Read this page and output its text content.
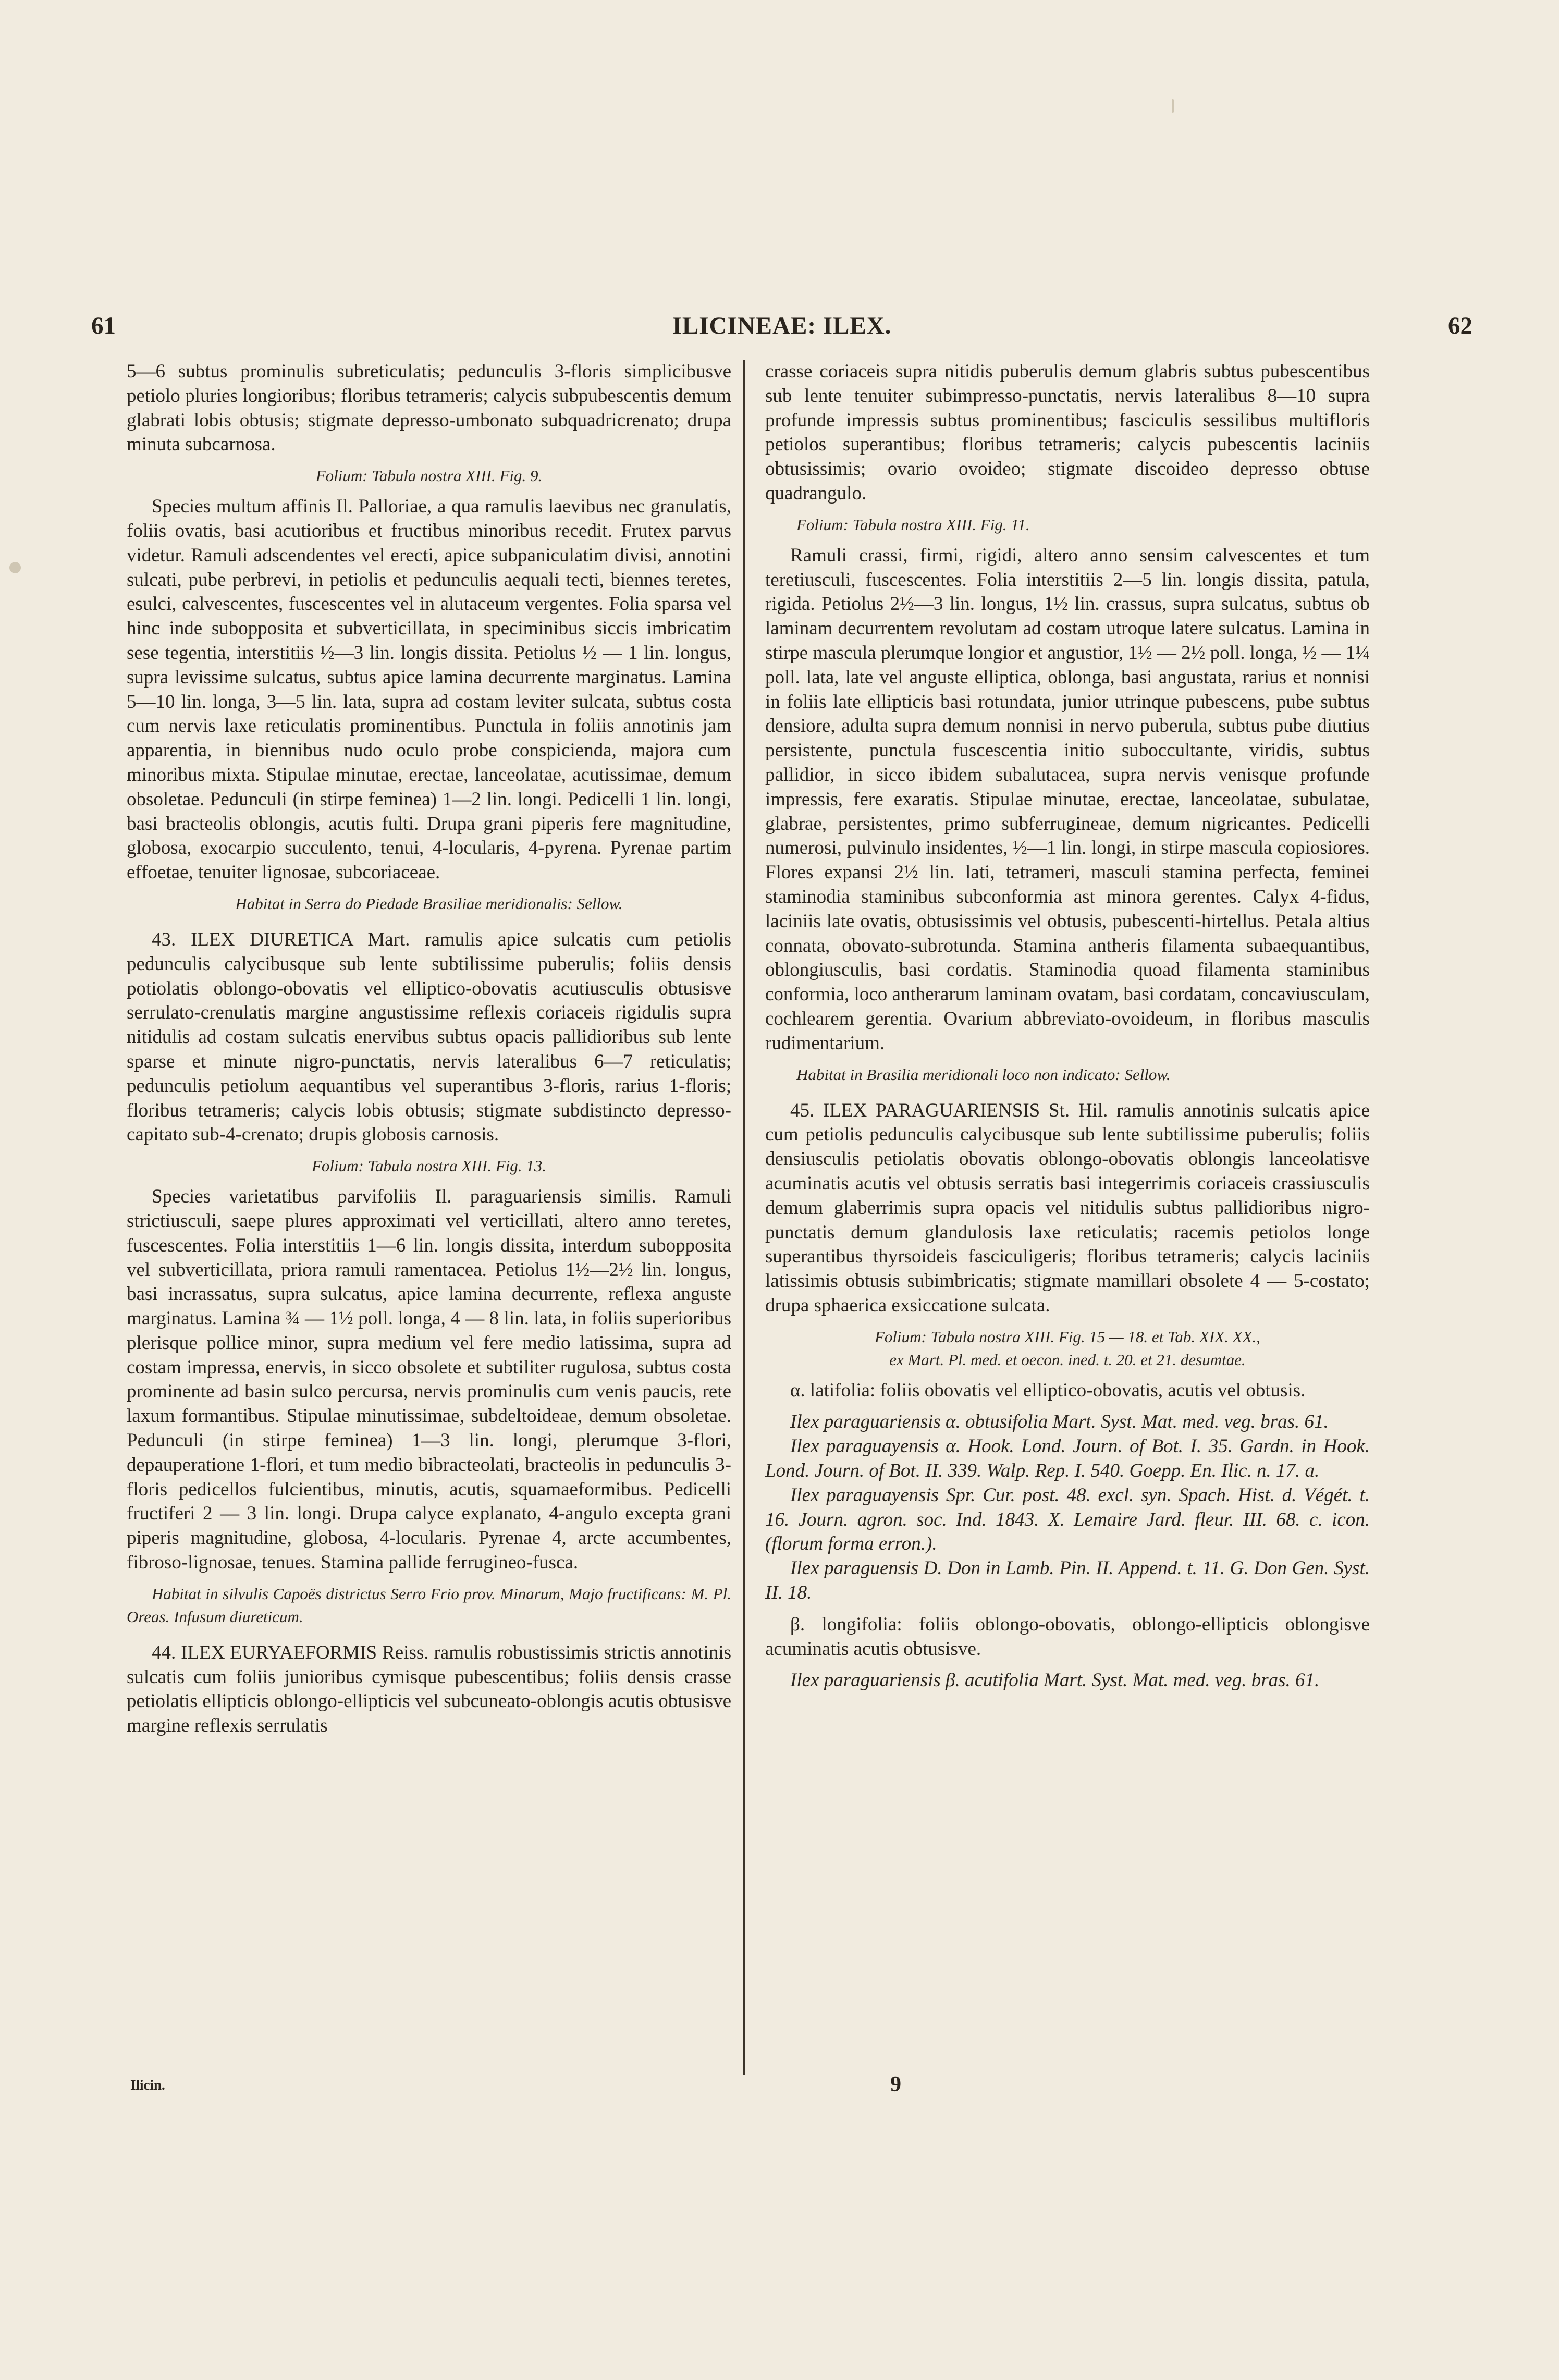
61	ILICINEAE: ILEX.	62

5—6 subtus prominulis subreticulatis; pedunculis 3-floris simplicibusve petiolo pluries longioribus; floribus tetrameris; calycis subpubescentis demum glabrati lobis obtusis; stigmate depresso-umbonato subquadricrenato; drupa minuta subcarnosa.

Folium: Tabula nostra XIII. Fig. 9.

Species multum affinis Il. Palloriae, a qua ramulis laevibus nec granulatis, foliis ovatis, basi acutioribus et fructibus minoribus recedit. Frutex parvus videtur. Ramuli adscendentes vel erecti, apice subpaniculatim divisi, annotini sulcati, pube perbrevi, in petiolis et pedunculis aequali tecti, biennes teretes, esulci, calvescentes, fuscescentes vel in alutaceum vergentes. Folia sparsa vel hinc inde subopposita et subverticillata, in speciminibus siccis imbricatim sese tegentia, interstitiis ½—3 lin. longis dissita. Petiolus ½ — 1 lin. longus, supra levissime sulcatus, subtus apice lamina decurrente marginatus. Lamina 5—10 lin. longa, 3—5 lin. lata, supra ad costam leviter sulcata, subtus costa cum nervis laxe reticulatis prominentibus. Punctula in foliis annotinis jam apparentia, in biennibus nudo oculo probe conspicienda, majora cum minoribus mixta. Stipulae minutae, erectae, lanceolatae, acutissimae, demum obsoletae. Pedunculi (in stirpe feminea) 1—2 lin. longi. Pedicelli 1 lin. longi, basi bracteolis oblongis, acutis fulti. Drupa grani piperis fere magnitudine, globosa, exocarpio succulento, tenui, 4-locularis, 4-pyrena. Pyrenae partim effoetae, tenuiter lignosae, subcoriaceae.

Habitat in Serra do Piedade Brasiliae meridionalis: Sellow.

43. ILEX DIURETICA Mart. ramulis apice sulcatis cum petiolis pedunculis calycibusque sub lente subtilissime puberulis; foliis densis potiolatis oblongo-obovatis vel elliptico-obovatis acutiusculis obtusisve serrulato-crenulatis margine angustissime reflexis coriaceis rigidulis supra nitidulis ad costam sulcatis enervibus subtus opacis pallidioribus sub lente sparse et minute nigro-punctatis, nervis lateralibus 6—7 reticulatis; pedunculis petiolum aequantibus vel superantibus 3-floris, rarius 1-floris; floribus tetrameris; calycis lobis obtusis; stigmate subdistincto depresso-capitato sub-4-crenato; drupis globosis carnosis.

Folium: Tabula nostra XIII. Fig. 13.

Species varietatibus parvifoliis Il. paraguariensis similis. Ramuli strictiusculi, saepe plures approximati vel verticillati, altero anno teretes, fuscescentes. Folia interstitiis 1—6 lin. longis dissita, interdum subopposita vel subverticillata, priora ramuli ramentacea. Petiolus 1½—2½ lin. longus, basi incrassatus, supra sulcatus, apice lamina decurrente, reflexa anguste marginatus. Lamina ¾ — 1½ poll. longa, 4 — 8 lin. lata, in foliis superioribus plerisque pollice minor, supra medium vel fere medio latissima, supra ad costam impressa, enervis, in sicco obsolete et subtiliter rugulosa, subtus costa prominente ad basin sulco percursa, nervis prominulis cum venis paucis, rete laxum formantibus. Stipulae minutissimae, subdeltoideae, demum obsoletae. Pedunculi (in stirpe feminea) 1—3 lin. longi, plerumque 3-flori, depauperatione 1-flori, et tum medio bibracteolati, bracteolis in pedunculis 3-floris pedicellos fulcientibus, minutis, acutis, squamaeformibus. Pedicelli fructiferi 2 — 3 lin. longi. Drupa calyce explanato, 4-angulo excepta grani piperis magnitudine, globosa, 4-locularis. Pyrenae 4, arcte accumbentes, fibroso-lignosae, tenues. Stamina pallide ferrugineo-fusca.

Habitat in silvulis Capoës districtus Serro Frio prov. Minarum, Majo fructificans: M. Pl. Oreas. Infusum diureticum.

44. ILEX EURYAEFORMIS Reiss. ramulis robustissimis strictis annotinis sulcatis cum foliis junioribus cymisque pubescentibus; foliis densis crasse petiolatis ellipticis oblongo-ellipticis vel subcuneato-oblongis acutis obtusisve margine reflexis serrulatis

crasse coriaceis supra nitidis puberulis demum glabris subtus pubescentibus sub lente tenuiter subimpresso-punctatis, nervis lateralibus 8—10 supra profunde impressis subtus prominentibus; fasciculis sessilibus multifloris petiolos superantibus; floribus tetrameris; calycis pubescentis laciniis obtusissimis; ovario ovoideo; stigmate discoideo depresso obtuse quadrangulo.

Folium: Tabula nostra XIII. Fig. 11.

Ramuli crassi, firmi, rigidi, altero anno sensim calvescentes et tum teretiusculi, fuscescentes. Folia interstitiis 2—5 lin. longis dissita, patula, rigida. Petiolus 2½—3 lin. longus, 1½ lin. crassus, supra sulcatus, subtus ob laminam decurrentem revolutam ad costam utroque latere sulcatus. Lamina in stirpe mascula plerumque longior et angustior, 1½ — 2½ poll. longa, ½ — 1¼ poll. lata, late vel anguste elliptica, oblonga, basi angustata, rarius et nonnisi in foliis late ellipticis basi rotundata, junior utrinque pubescens, pube subtus densiore, adulta supra demum nonnisi in nervo puberula, subtus pube diutius persistente, punctula fuscescentia initio suboccultante, viridis, subtus pallidior, in sicco ibidem subalutacea, supra nervis venisque profunde impressis, fere exaratis. Stipulae minutae, erectae, lanceolatae, subulatae, glabrae, persistentes, primo subferrugineae, demum nigricantes. Pedicelli numerosi, pulvinulo insidentes, ½—1 lin. longi, in stirpe mascula copiosiores. Flores expansi 2½ lin. lati, tetrameri, masculi stamina perfecta, feminei staminodia staminibus subconformia ast minora gerentes. Calyx 4-fidus, laciniis late ovatis, obtusissimis vel obtusis, pubescenti-hirtellus. Petala altius connata, obovato-subrotunda. Stamina antheris filamenta subaequantibus, oblongiusculis, basi cordatis. Staminodia quoad filamenta staminibus conformia, loco antherarum laminam ovatam, basi cordatam, concaviusculam, cochlearem gerentia. Ovarium abbreviato-ovoideum, in floribus masculis rudimentarium.

Habitat in Brasilia meridionali loco non indicato: Sellow.

45. ILEX PARAGUARIENSIS St. Hil. ramulis annotinis sulcatis apice cum petiolis pedunculis calycibusque sub lente subtilissime puberulis; foliis densiusculis petiolatis obovatis oblongo-obovatis oblongis lanceolatisve acuminatis acutis vel obtusis serratis basi integerrimis coriaceis crassiusculis demum glaberrimis supra opacis vel nitidulis subtus pallidioribus nigro-punctatis demum glandulosis laxe reticulatis; racemis petiolos longe superantibus thyrsoideis fasciculigeris; floribus tetrameris; calycis laciniis latissimis obtusis subimbricatis; stigmate mamillari obsolete 4 — 5-costato; drupa sphaerica exsiccatione sulcata.

Folium: Tabula nostra XIII. Fig. 15 — 18. et Tab. XIX. XX.,

ex Mart. Pl. med. et oecon. ined. t. 20. et 21. desumtae.

α. latifolia: foliis obovatis vel elliptico-obovatis, acutis vel obtusis.

Ilex paraguariensis α. obtusifolia Mart. Syst. Mat. med. veg. bras. 61.

Ilex paraguayensis α. Hook. Lond. Journ. of Bot. I. 35. Gardn. in Hook. Lond. Journ. of Bot. II. 339. Walp. Rep. I. 540. Goepp. En. Ilic. n. 17. a.

Ilex paraguayensis Spr. Cur. post. 48. excl. syn. Spach. Hist. d. Végét. t. 16. Journ. agron. soc. Ind. 1843. X. Lemaire Jard. fleur. III. 68. c. icon. (florum forma erron.).

Ilex paraguensis D. Don in Lamb. Pin. II. Append. t. 11. G. Don Gen. Syst. II. 18.

β. longifolia: foliis oblongo-obovatis, oblongo-ellipticis oblongisve acuminatis acutis obtusisve.

Ilex paraguariensis β. acutifolia Mart. Syst. Mat. med. veg. bras. 61.

Ilicin.	9
